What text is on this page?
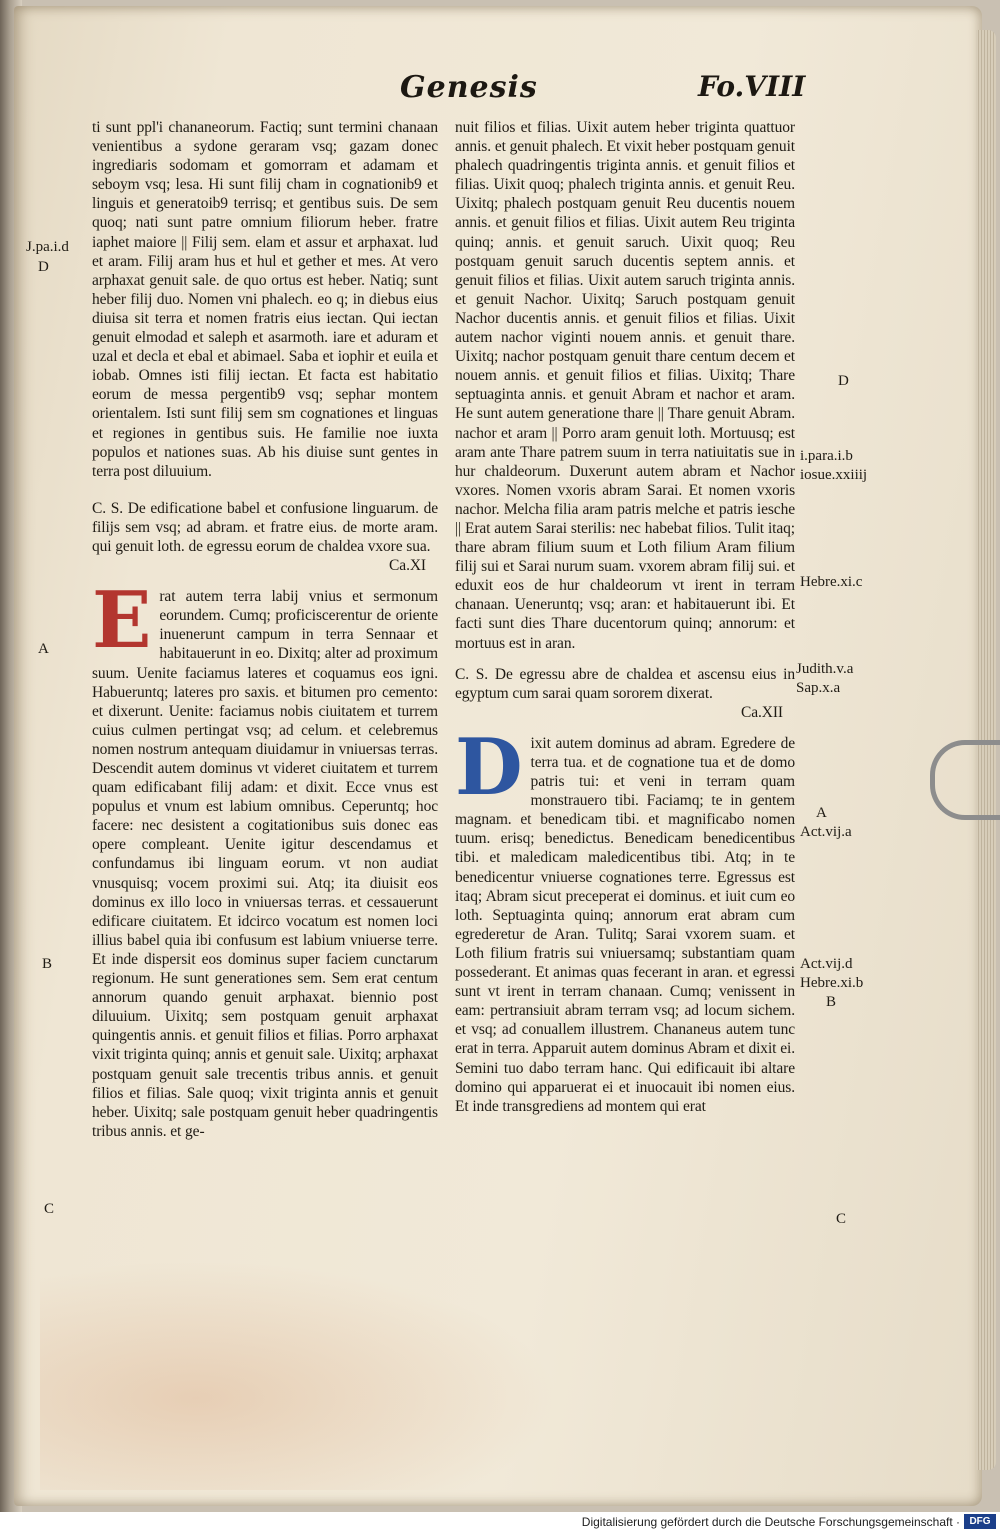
Genesis	Fo.VIII

ti sunt ppl'i chananeorum. Factiq; sunt termini chanaan venientibus a sydone geraram vsq; gazam donec ingrediaris sodomam et gomorram et adamam et seboym vsq; lesa. Hi sunt filij cham in cognationib9 et linguis et generatoib9 terrisq; et gentibus suis. De sem quoq; nati sunt patre omnium filiorum heber. fratre iaphet maiore || Filij sem. elam et assur et arphaxat. lud et aram. Filij aram hus et hul et gether et mes. At vero arphaxat genuit sale. de quo ortus est heber. Natiq; sunt heber filij duo. Nomen vni phalech. eo q; in diebus eius diuisa sit terra et nomen fratris eius iectan. Qui iectan genuit elmodad et saleph et asarmoth. iare et aduram et uzal et decla et ebal et abimael. Saba et iophir et euila et iobab. Omnes isti filij iectan. Et facta est habitatio eorum de messa pergentib9 vsq; sephar montem orientalem. Isti sunt filij sem sm cognationes et linguas et regiones in gentibus suis. He familie noe iuxta populos et nationes suas. Ab his diuise sunt gentes in terra post diluuium.

C. S. De edificatione babel et confusione linguarum. de filijs sem vsq; ad abram. et fratre eius. de morte aram. qui genuit loth. de egressu eorum de chaldea vxore sua.
Ca.XI

E rat autem terra labij vnius et sermonum eorundem. Cumq; proficiscerentur de oriente inuenerunt campum in terra Sennaar et habitauerunt in eo. Dixitq; alter ad proximum suum. Uenite faciamus lateres et coquamus eos igni. Habueruntq; lateres pro saxis. et bitumen pro cemento: et dixerunt. Uenite: faciamus nobis ciuitatem et turrem cuius culmen pertingat vsq; ad celum. et celebremus nomen nostrum antequam diuidamur in vniuersas terras. Descendit autem dominus vt videret ciuitatem et turrem quam edificabant filij adam: et dixit. Ecce vnus est populus et vnum est labium omnibus. Ceperuntq; hoc facere: nec desistent a cogitationibus suis donec eas opere compleant. Uenite igitur descendamus et confundamus ibi linguam eorum. vt non audiat vnusquisq; vocem proximi sui. Atq; ita diuisit eos dominus ex illo loco in vniuersas terras. et cessauerunt edificare ciuitatem. Et idcirco vocatum est nomen loci illius babel quia ibi confusum est labium vniuerse terre. Et inde dispersit eos dominus super faciem cunctarum regionum. He sunt generationes sem. Sem erat centum annorum quando genuit arphaxat. biennio post diluuium. Uixitq; sem postquam genuit arphaxat quingentis annis. et genuit filios et filias. Porro arphaxat vixit triginta quinq; annis et genuit sale. Uixitq; arphaxat postquam genuit sale trecentis tribus annis. et genuit filios et filias. Sale quoq; vixit triginta annis et genuit heber. Uixitq; sale postquam genuit heber quadringentis tribus annis. et ge-

nuit filios et filias. Uixit autem heber triginta quattuor annis. et genuit phalech. Et vixit heber postquam genuit phalech quadringentis triginta annis. et genuit filios et filias. Uixit quoq; phalech triginta annis. et genuit Reu. Uixitq; phalech postquam genuit Reu ducentis nouem annis. et genuit filios et filias. Uixit autem Reu triginta quinq; annis. et genuit saruch. Uixit quoq; Reu postquam genuit saruch ducentis septem annis. et genuit filios et filias. Uixit autem saruch triginta annis. et genuit Nachor. Uixitq; Saruch postquam genuit Nachor ducentis annis. et genuit filios et filias. Uixit autem nachor viginti nouem annis. et genuit thare. Uixitq; nachor postquam genuit thare centum decem et nouem annis. et genuit filios et filias. Uixitq; Thare septuaginta annis. et genuit Abram et nachor et aram. He sunt autem generatione thare || Thare genuit Abram. nachor et aram || Porro aram genuit loth. Mortuusq; est aram ante Thare patrem suum in terra natiuitatis sue in hur chaldeorum. Duxerunt autem abram et Nachor vxores. Nomen vxoris abram Sarai. Et nomen vxoris nachor. Melcha filia aram patris melche et patris iesche || Erat autem Sarai sterilis: nec habebat filios. Tulit itaq; thare abram filium suum et Loth filium Aram filium filij sui et Sarai nurum suam. vxorem abram filij sui. et eduxit eos de hur chaldeorum vt irent in terram chanaan. Ueneruntq; vsq; aran: et habitauerunt ibi. Et facti sunt dies Thare ducentorum quinq; annorum: et mortuus est in aran.

C. S. De egressu abre de chaldea et ascensu eius in egyptum cum sarai quam sororem dixerat.
Ca.XII

D ixit autem dominus ad abram. Egredere de terra tua. et de cognatione tua et de domo patris tui: et veni in terram quam monstrauero tibi. Faciamq; te in gentem magnam. et benedicam tibi. et magnificabo nomen tuum. erisq; benedictus. Benedicam benedicentibus tibi. et maledicam maledicentibus tibi. Atq; in te benedicentur vniuerse cognationes terre. Egressus est itaq; Abram sicut preceperat ei dominus. et iuit cum eo loth. Septuaginta quinq; annorum erat abram cum egrederetur de Aran. Tulitq; Sarai vxorem suam. et Loth filium fratris sui vniuersamq; substantiam quam possederant. Et animas quas fecerant in aran. et egressi sunt vt irent in terram chanaan. Cumq; venissent in eam: pertransiuit abram terram vsq; ad locum sichem. et vsq; ad conuallem illustrem. Chananeus autem tunc erat in terra. Apparuit autem dominus Abram et dixit ei. Semini tuo dabo terram hanc. Qui edificauit ibi altare domino qui apparuerat ei et inuocauit ibi nomen eius. Et inde transgrediens ad montem qui erat

J.pa.i.d
D
A
B
C
D
i.para.i.b
iosue.xxiiij
Hebre.xi.c
Judith.v.a
Sap.x.a
A
Act.vij.a
Act.vij.d
Hebre.xi.b
B
C
Digitalisierung gefördert durch die Deutsche Forschungsgemeinschaft · DFG
